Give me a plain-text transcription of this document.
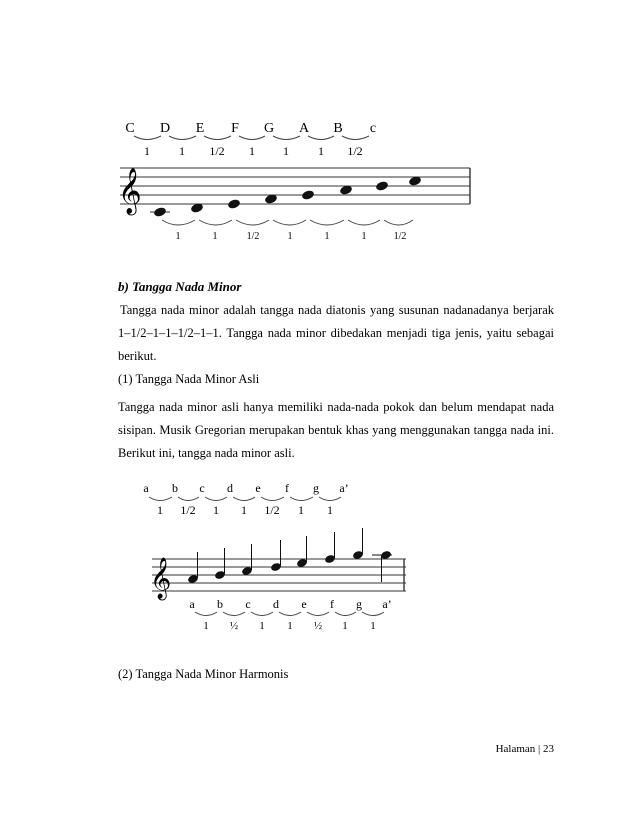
C D E F G A B c
1 1 1/2 1 1 1 1/2
𝄞
1	1	1/2	1	1	1	1/2
b) Tangga Nada Minor
Tangga nada minor adalah tangga nada diatonis yang susunan nadanadanya berjarak
1–1/2–1–1–1/2–1–1. Tangga nada minor dibedakan menjadi tiga jenis, yaitu sebagai
berikut.
(1) Tangga Nada Minor Asli
Tangga nada minor asli hanya memiliki nada-nada pokok dan belum mendapat nada
sisipan. Musik Gregorian merupakan bentuk khas yang menggunakan tangga nada ini.
Berikut ini, tangga nada minor asli.
a b c d e f g a’
1 1/2 1 1 1/2 1 1
𝄞
a b c d e f g a’
1 ½ 1 1 ½ 1 1
(2) Tangga Nada Minor Harmonis
Halaman | 23
